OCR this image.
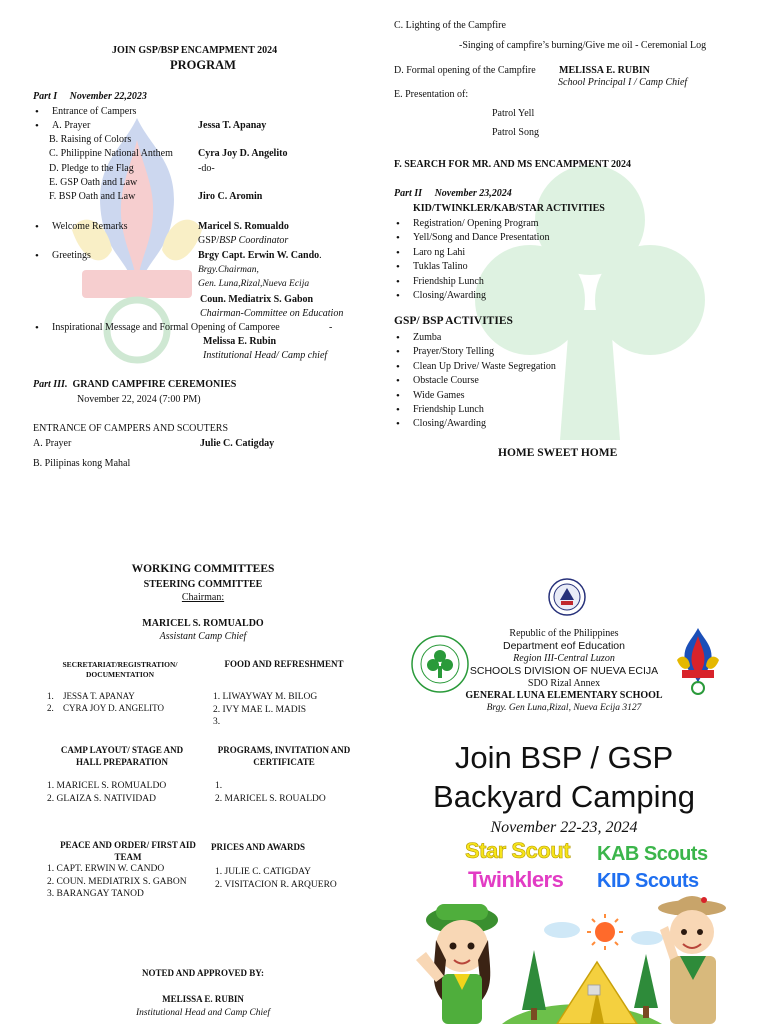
JOIN GSP/BSP ENCAMPMENT 2024
PROGRAM
Part I November 22,2023
• Entrance of Campers
• A. Prayer	Jessa T. Apanay
B. Raising of Colors
C. Philippine National Anthem	Cyra Joy D. Angelito
D. Pledge to the Flag	-do-
E. GSP Oath and Law
F. BSP Oath and Law	Jiro C. Aromin
• Welcome Remarks	Maricel S. Romualdo
GSP/BSP Coordinator
• Greetings	Brgy Capt. Erwin W. Cando.
Brgy.Chairman,
Gen. Luna,Rizal,Nueva Ecija
Coun. Mediatrix S. Gabon
Chairman-Committee on Education
• Inspirational Message and Formal Opening of Camporee	-
Melissa E. Rubin
Institutional Head/ Camp chief
Part III. GRAND CAMPFIRE CEREMONIES
November 22, 2024 (7:00 PM)
ENTRANCE OF CAMPERS AND SCOUTERS
A. Prayer	Julie C. Catigday
B. Pilipinas kong Mahal
C. Lighting of the Campfire
-Singing of campfire’s burning/Give me oil - Ceremonial Log
D. Formal opening of the Campfire MELISSA E. RUBIN
School Principal I / Camp Chief
E. Presentation of:
Patrol Yell
Patrol Song
F. SEARCH FOR MR. AND MS ENCAMPMENT 2024
Part II November 23,2024
KID/TWINKLER/KAB/STAR ACTIVITIES
• Registration/ Opening Program
• Yell/Song and Dance Presentation
• Laro ng Lahi
• Tuklas Talino
• Friendship Lunch
• Closing/Awarding
GSP/ BSP ACTIVITIES
• Zumba
• Prayer/Story Telling
• Clean Up Drive/ Waste Segregation
• Obstacle Course
• Wide Games
• Friendship Lunch
• Closing/Awarding
HOME SWEET HOME
WORKING COMMITTEES
STEERING COMMITTEE
Chairman:
MARICEL S. ROMUALDO
Assistant Camp Chief
SECRETARIAT/REGISTRATION/
DOCUMENTATION
1. JESSA T. APANAY
2. CYRA JOY D. ANGELITO
FOOD AND REFRESHMENT
1. LIWAYWAY M. BILOG
2. IVY MAE L. MADIS
3.
CAMP LAYOUT/ STAGE AND
HALL PREPARATION
1. MARICEL S. ROMUALDO
2. GLAIZA S. NATIVIDAD
PROGRAMS, INVITATION AND
CERTIFICATE
1.
2. MARICEL S. ROUALDO
PEACE AND ORDER/ FIRST AID
TEAM
1. CAPT. ERWIN W. CANDO
2. COUN. MEDIATRIX S. GABON
3. BARANGAY TANOD
PRICES AND AWARDS
1. JULIE C. CATIGDAY
2. VISITACION R. ARQUERO
NOTED AND APPROVED BY:
MELISSA E. RUBIN
Institutional Head and Camp Chief
Republic of the Philippines
Department eof Education
Region III-Central Luzon
SCHOOLS DIVISION OF NUEVA ECIJA
SDO Rizal Annex
GENERAL LUNA ELEMENTARY SCHOOL
Brgy. Gen Luna,Rizal, Nueva Ecija 3127
Join BSP / GSP
Backyard Camping
November 22-23, 2024
Star Scout KAB Scouts
Twinklers KID Scouts
